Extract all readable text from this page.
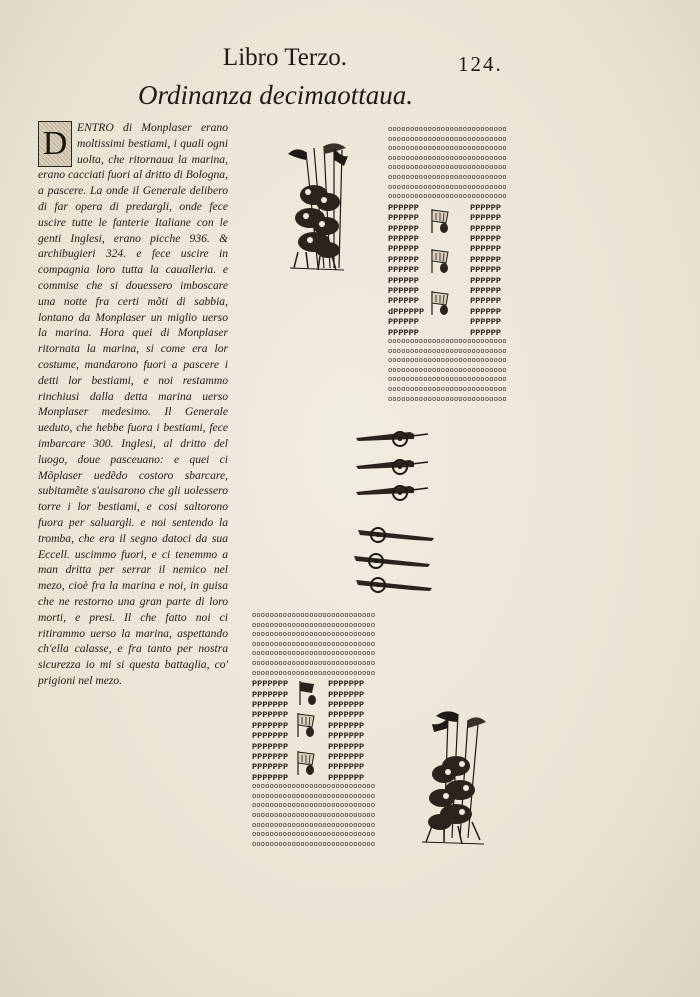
Libro Terzo.	124.
Ordinanza decimaottaua.
D ENTRO di Monplaser erano moltissimi bestiami, i quali ogni uolta, che ritornaua la marina, erano cacciati fuori al dritto di Bologna, a pascere. La onde il Generale delibero di far opera di predargli, onde fece uscire tutte le fanterie Italiane con le genti Inglesi, erano picche 936. & archibugieri 324. e fece uscire in compagnia loro tutta la caualleria. e commise che si douessero imboscare una notte fra certi mõti di sabbia, lontano da Monplaser un miglio uerso la marina. Hora quei di Monplaser ritornata la marina, si come era lor costume, mandarono fuori a pascere i detti lor bestiami, e noi restammo rinchiusi dalla detta marina uerso Monplaser medesimo. Il Generale ueduto, che hebbe fuora i bestiami, fece imbarcare 300. Inglesi, al dritto del luogo, doue pasceuano: e quei ci Mõplaser uedẽdo costoro sbarcare, subitamẽte s'auisarono che gli uolessero torre i lor bestiami, e cosi saltorono fuora per saluargli. e noi sentendo la tromba, che era il segno datoci da sua Eccell. uscimmo fuori, e ci tenemmo a man dritta per serrar il nemico nel mezo, cioè fra la marina e noi, in guisa che ne restorno una gran parte di loro morti, e presi. Il che fatto noi ci ritirammo uerso la marina, aspettando ch'ella calasse, e fra tanto per nostra sicurezza io mi si questa battaglia, co' prigioni nel mezo.

ooooooooooooooooooooooooooo
ooooooooooooooooooooooooooo
ooooooooooooooooooooooooooo
ooooooooooooooooooooooooooo
ooooooooooooooooooooooooooo
ooooooooooooooooooooooooooo
ooooooooooooooooooooooooooo
ooooooooooooooooooooooooooo
PPPPPP
PPPPPP
PPPPPP
PPPPPP
PPPPPP
PPPPPP
PPPPPP
PPPPPP
PPPPPP
PPPPPP
dPPPPPP
PPPPPP
PPPPPP
PPPPPP
PPPPPP
PPPPPP
PPPPPP
PPPPPP
PPPPPP
PPPPPP
PPPPPP
PPPPPP
PPPPPP
PPPPPP
PPPPPP
PPPPPP
ooooooooooooooooooooooooooo
ooooooooooooooooooooooooooo
ooooooooooooooooooooooooooo
ooooooooooooooooooooooooooo
ooooooooooooooooooooooooooo
ooooooooooooooooooooooooooo
ooooooooooooooooooooooooooo
oooooooooooooooooooooooooooo
oooooooooooooooooooooooooooo
oooooooooooooooooooooooooooo
oooooooooooooooooooooooooooo
oooooooooooooooooooooooooooo
oooooooooooooooooooooooooooo
oooooooooooooooooooooooooooo
PPPPPPP
PPPPPPP
PPPPPPP
PPPPPPP
PPPPPPP
PPPPPPP
PPPPPPP
PPPPPPP
PPPPPPP
PPPPPPP
PPPPPPP
PPPPPPP
PPPPPPP
PPPPPPP
PPPPPPP
PPPPPPP
PPPPPPP
PPPPPPP
PPPPPPP
PPPPPPP
oooooooooooooooooooooooooooo
oooooooooooooooooooooooooooo
oooooooooooooooooooooooooooo
oooooooooooooooooooooooooooo
oooooooooooooooooooooooooooo
oooooooooooooooooooooooooooo
oooooooooooooooooooooooooooo
